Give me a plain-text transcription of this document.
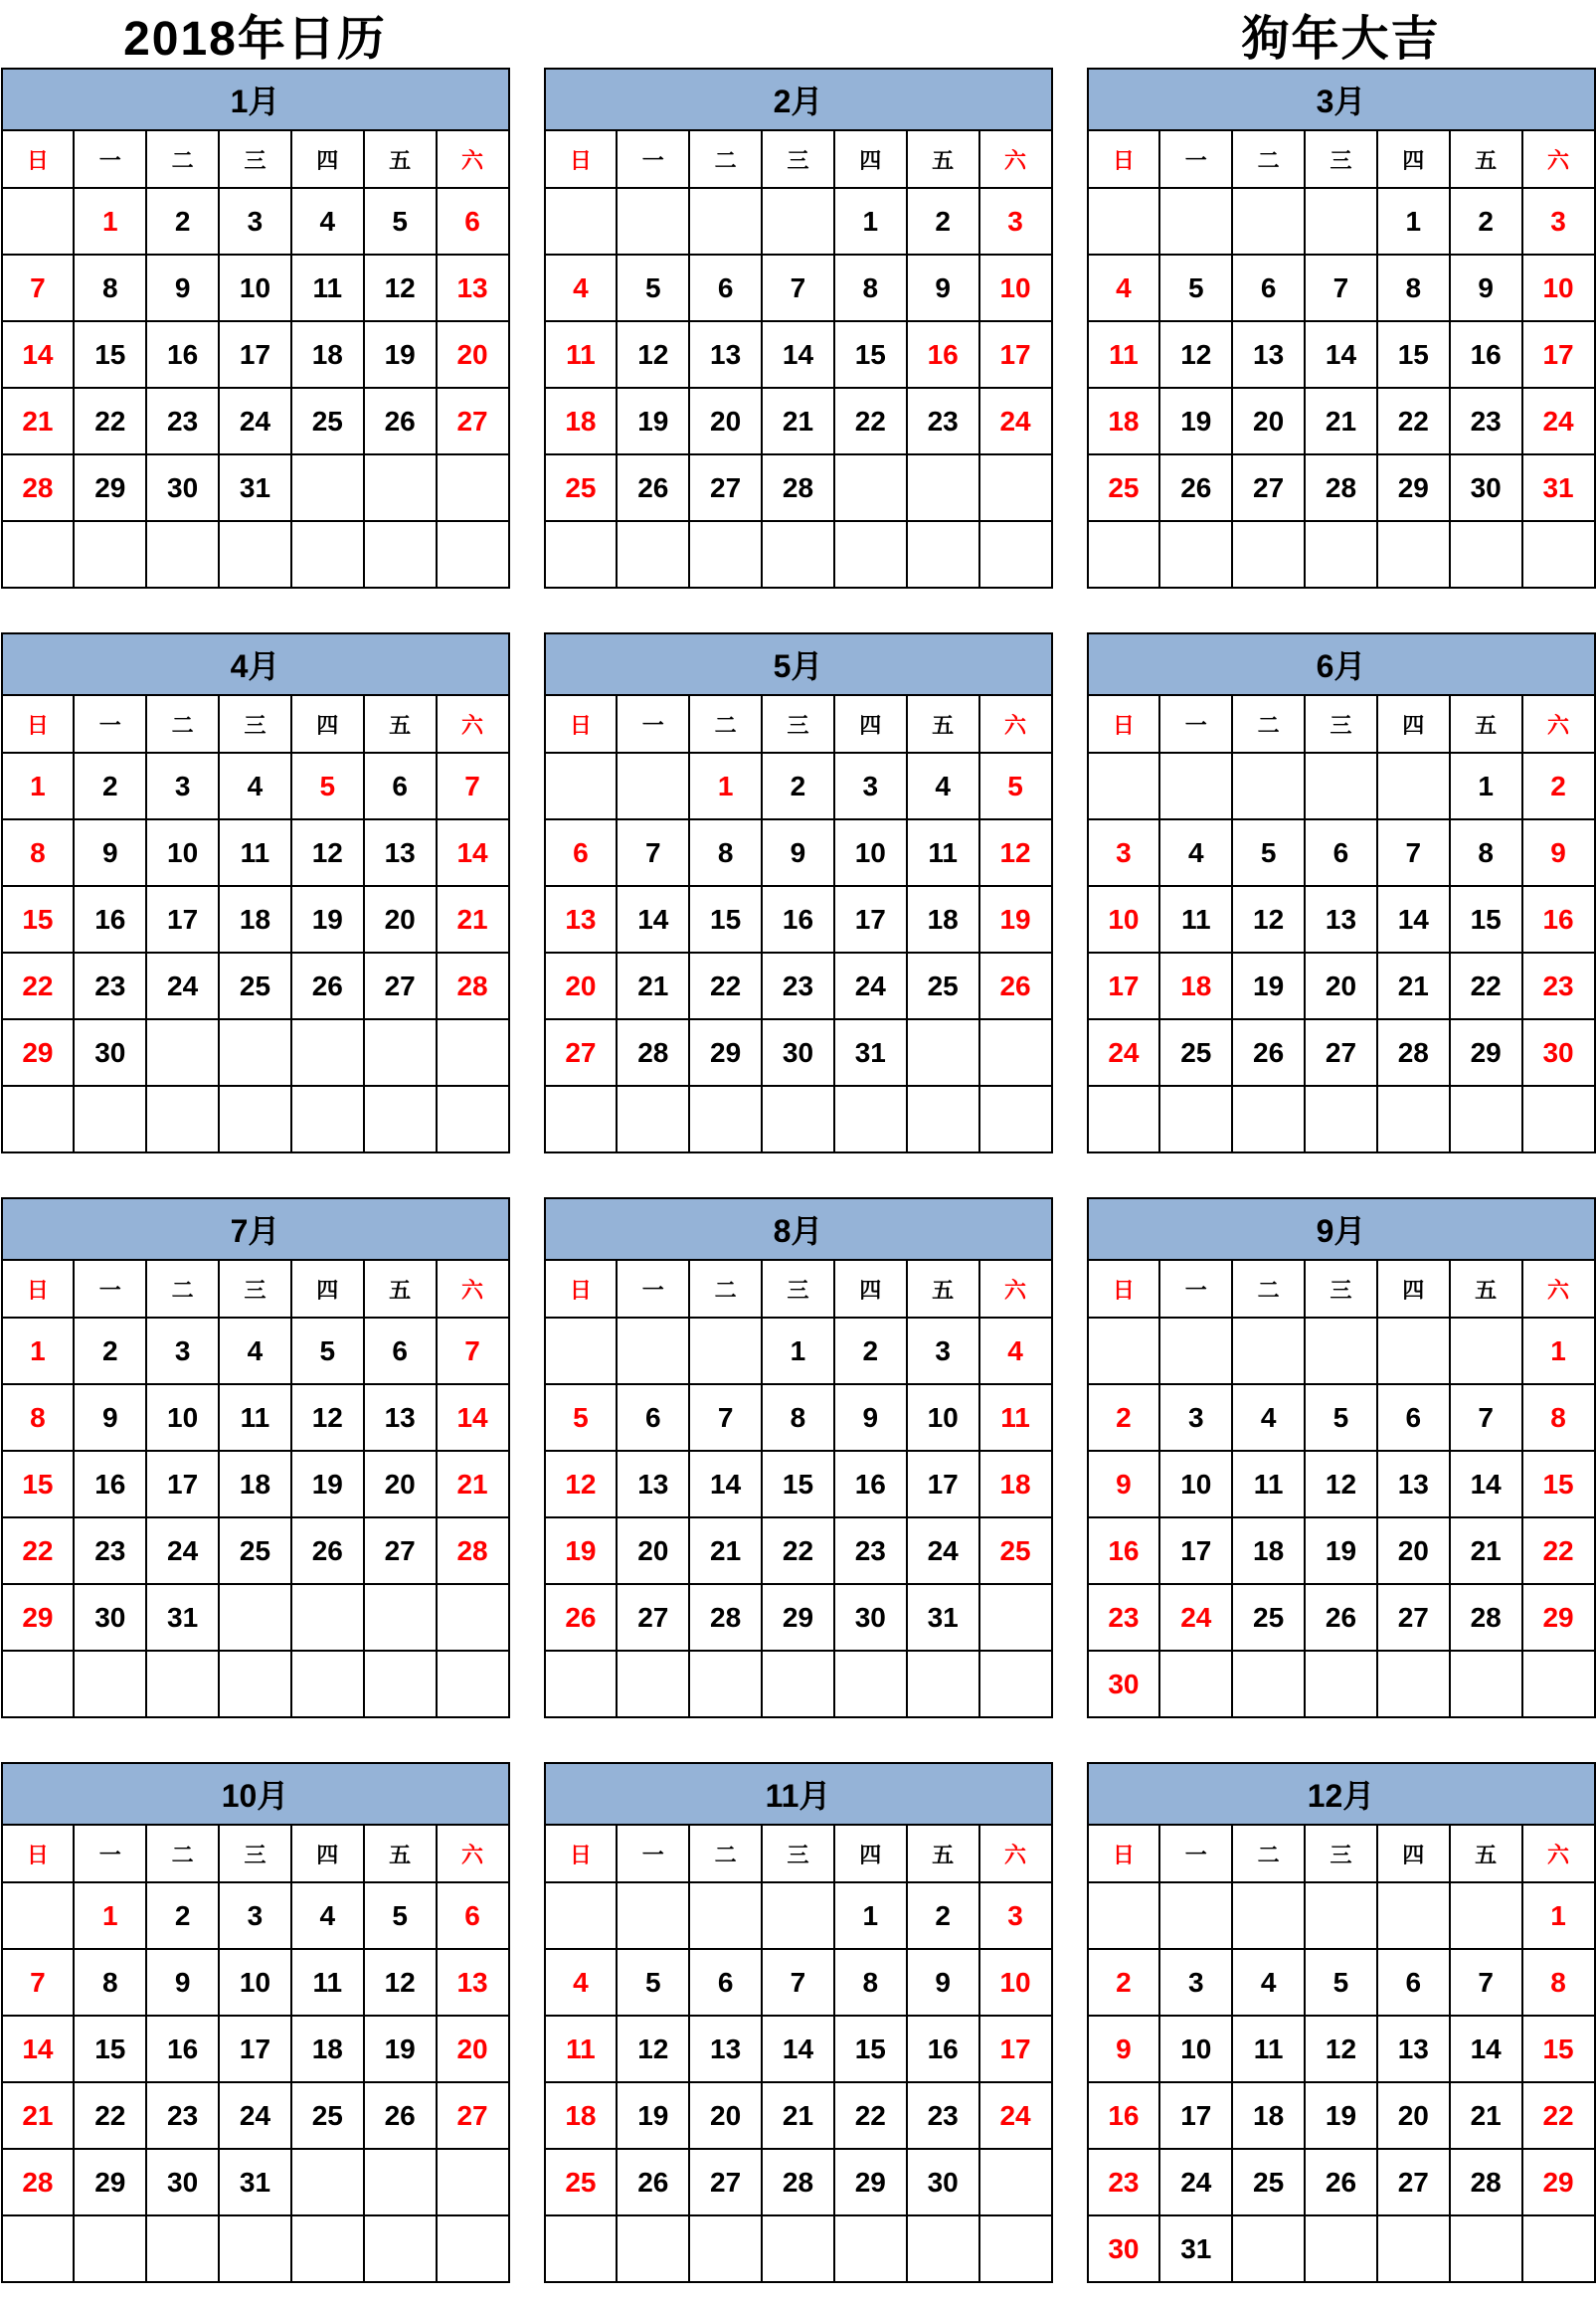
2018年日历	狗年大吉
1月						
日	一	二	三	四	五	六
	1	2	3	4	5	6
7	8	9	10	11	12	13
14	15	16	17	18	19	20
21	22	23	24	25	26	27
28	29	30	31			

2月						
日	一	二	三	四	五	六
				1	2	3
4	5	6	7	8	9	10
11	12	13	14	15	16	17
18	19	20	21	22	23	24
25	26	27	28			

3月						
日	一	二	三	四	五	六
				1	2	3
4	5	6	7	8	9	10
11	12	13	14	15	16	17
18	19	20	21	22	23	24
25	26	27	28	29	30	31

4月						
日	一	二	三	四	五	六
1	2	3	4	5	6	7
8	9	10	11	12	13	14
15	16	17	18	19	20	21
22	23	24	25	26	27	28
29	30					

5月						
日	一	二	三	四	五	六
		1	2	3	4	5
6	7	8	9	10	11	12
13	14	15	16	17	18	19
20	21	22	23	24	25	26
27	28	29	30	31		

6月						
日	一	二	三	四	五	六
					1	2
3	4	5	6	7	8	9
10	11	12	13	14	15	16
17	18	19	20	21	22	23
24	25	26	27	28	29	30

7月						
日	一	二	三	四	五	六
1	2	3	4	5	6	7
8	9	10	11	12	13	14
15	16	17	18	19	20	21
22	23	24	25	26	27	28
29	30	31				

8月						
日	一	二	三	四	五	六
			1	2	3	4
5	6	7	8	9	10	11
12	13	14	15	16	17	18
19	20	21	22	23	24	25
26	27	28	29	30	31	

9月						
日	一	二	三	四	五	六
						1
2	3	4	5	6	7	8
9	10	11	12	13	14	15
16	17	18	19	20	21	22
23	24	25	26	27	28	29
30						
10月						
日	一	二	三	四	五	六
	1	2	3	4	5	6
7	8	9	10	11	12	13
14	15	16	17	18	19	20
21	22	23	24	25	26	27
28	29	30	31			

11月						
日	一	二	三	四	五	六
				1	2	3
4	5	6	7	8	9	10
11	12	13	14	15	16	17
18	19	20	21	22	23	24
25	26	27	28	29	30	

12月						
日	一	二	三	四	五	六
						1
2	3	4	5	6	7	8
9	10	11	12	13	14	15
16	17	18	19	20	21	22
23	24	25	26	27	28	29
30	31					
